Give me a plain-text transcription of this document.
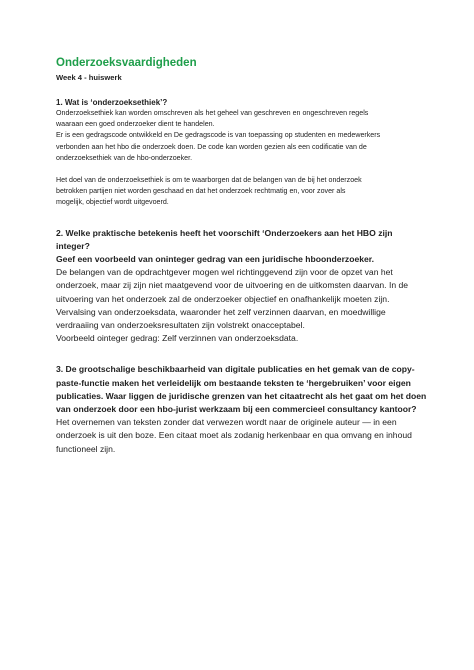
Onderzoeksvaardigheden

Week 4 - huiswerk

1. Wat is ‘onderzoeksethiek’?

Onderzoeksethiek kan worden omschreven als het geheel van geschreven en ongeschreven regels

waaraan een goed onderzoeker dient te handelen.

Er is een gedragscode ontwikkeld en De gedragscode is van toepassing op studenten en medewerkers

verbonden aan het hbo die onderzoek doen. De code kan worden gezien als een codificatie van de

onderzoeksethiek van de hbo-onderzoeker.

Het doel van de onderzoeksethiek is om te waarborgen dat de belangen van de bij het onderzoek

betrokken partijen niet worden geschaad en dat het onderzoek rechtmatig en, voor zover als

mogelijk, objectief wordt uitgevoerd.

2. Welke praktische betekenis heeft het voorschift ‘Onderzoekers aan het HBO zijn integer?

Geef een voorbeeld van oninteger gedrag van een juridische hboonderzoeker.

De belangen van de opdrachtgever mogen wel richtinggevend zijn voor de opzet van het

onderzoek, maar zij zijn niet maatgevend voor de uitvoering en de uitkomsten daarvan. In de

uitvoering van het onderzoek zal de onderzoeker objectief en onafhankelijk moeten zijn.

Vervalsing van onderzoeksdata, waaronder het zelf verzinnen daarvan, en moedwillige

verdraaiing van onderzoeksresultaten zijn volstrekt onacceptabel.

Voorbeeld ointeger gedrag: Zelf verzinnen van onderzoeksdata.

3. De grootschalige beschikbaarheid van digitale publicaties en het gemak van de copy-

paste-functie maken het verleidelijk om bestaande teksten te ‘hergebruiken’ voor eigen

publicaties. Waar liggen de juridische grenzen van het citaatrecht als het gaat om het doen

van onderzoek door een hbo-jurist werkzaam bij een commercieel consultancy kantoor?

Het overnemen van teksten zonder dat verwezen wordt naar de originele auteur — in een

onderzoek is uit den boze. Een citaat moet als zodanig herkenbaar en qua omvang en inhoud

functioneel zijn.
